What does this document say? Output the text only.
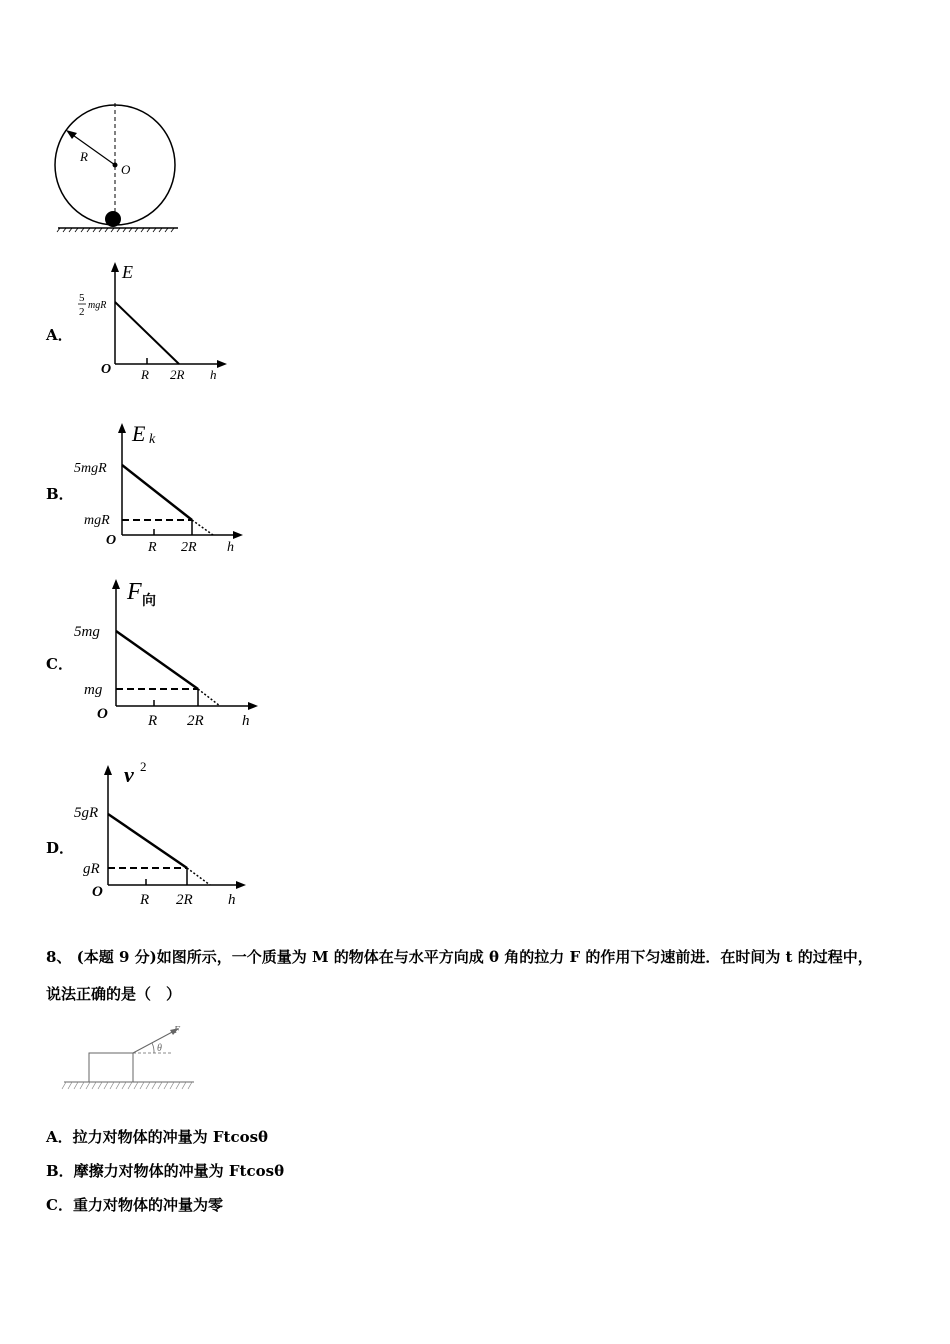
R
O
A．
E
5
2
mgR
O R 2R h
B．
E k
5mgR
mgR
O R 2R h
C．
F 向
5mg
mg
O	R 2R	h
D．
v 2
5gR
gR
O R 2R h
8、 (本题 9 分)如图所示，一个质量为 M 的物体在与水平方向成 θ 角的拉力 F 的作用下匀速前进．在时间为 t 的过程中，
说法正确的是（　）
F
θ
A．拉力对物体的冲量为 Ftcosθ
B．摩擦力对物体的冲量为 Ftcosθ
C．重力对物体的冲量为零
